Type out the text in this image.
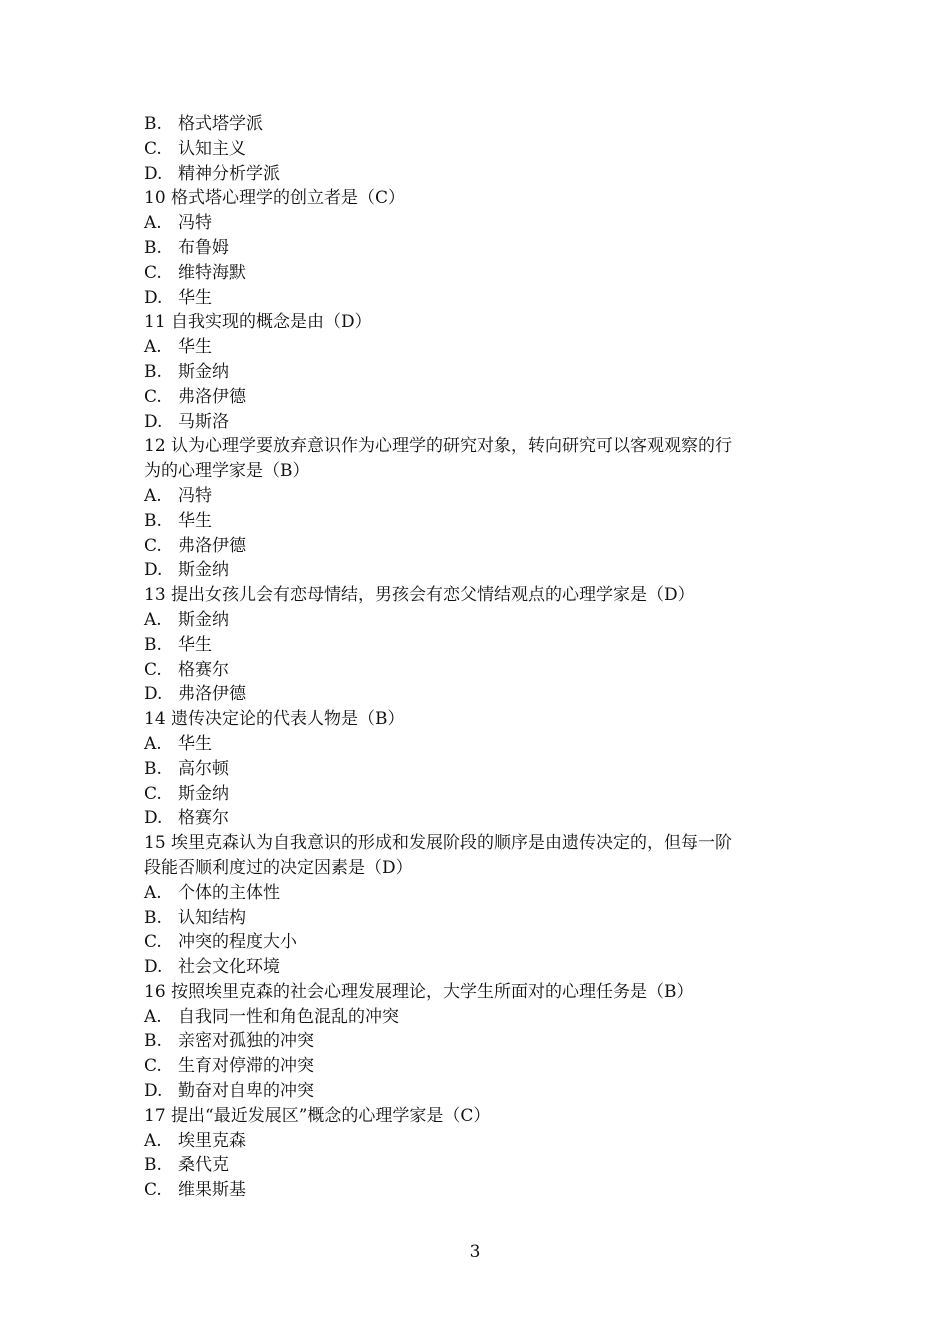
B. 格式塔学派
C. 认知主义
D. 精神分析学派
10 格式塔心理学的创立者是（C）
A. 冯特
B. 布鲁姆
C. 维特海默
D. 华生
11 自我实现的概念是由（D）
A. 华生
B. 斯金纳
C. 弗洛伊德
D. 马斯洛
12 认为心理学要放弃意识作为心理学的研究对象，转向研究可以客观观察的行
为的心理学家是（B）
A. 冯特
B. 华生
C. 弗洛伊德
D. 斯金纳
13 提出女孩儿会有恋母情结，男孩会有恋父情结观点的心理学家是（D）
A. 斯金纳
B. 华生
C. 格赛尔
D. 弗洛伊德
14 遗传决定论的代表人物是（B）
A. 华生
B. 高尔顿
C. 斯金纳
D. 格赛尔
15 埃里克森认为自我意识的形成和发展阶段的顺序是由遗传决定的，但每一阶
段能否顺利度过的决定因素是（D）
A. 个体的主体性
B. 认知结构
C. 冲突的程度大小
D. 社会文化环境
16 按照埃里克森的社会心理发展理论，大学生所面对的心理任务是（B）
A. 自我同一性和角色混乱的冲突
B. 亲密对孤独的冲突
C. 生育对停滞的冲突
D. 勤奋对自卑的冲突
17 提出“最近发展区”概念的心理学家是（C）
A. 埃里克森
B. 桑代克
C. 维果斯基
3
